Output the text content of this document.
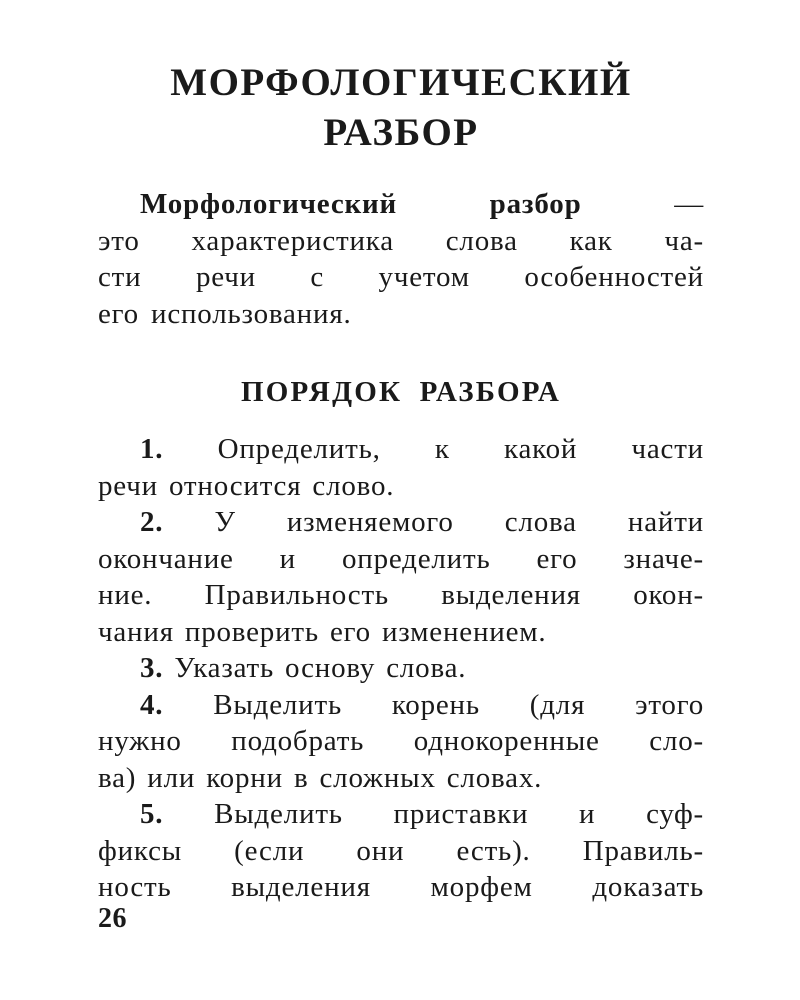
МОРФОЛОГИЧЕСКИЙ
РАЗБОР
Морфологический разбор	—
это характеристика слова как ча-
сти речи с учетом особенностей
его использования.
ПОРЯДОК РАЗБОРА
1. Определить, к какой части
речи относится слово.
2. У изменяемого слова найти
окончание и определить его значе-
ние. Правильность выделения окон-
чания проверить его изменением.
3. Указать основу слова.
4. Выделить корень (для этого
нужно подобрать однокоренные сло-
ва) или корни в сложных словах.
5. Выделить приставки и суф-
фиксы (если они есть). Правиль-
ность выделения морфем доказать
26
